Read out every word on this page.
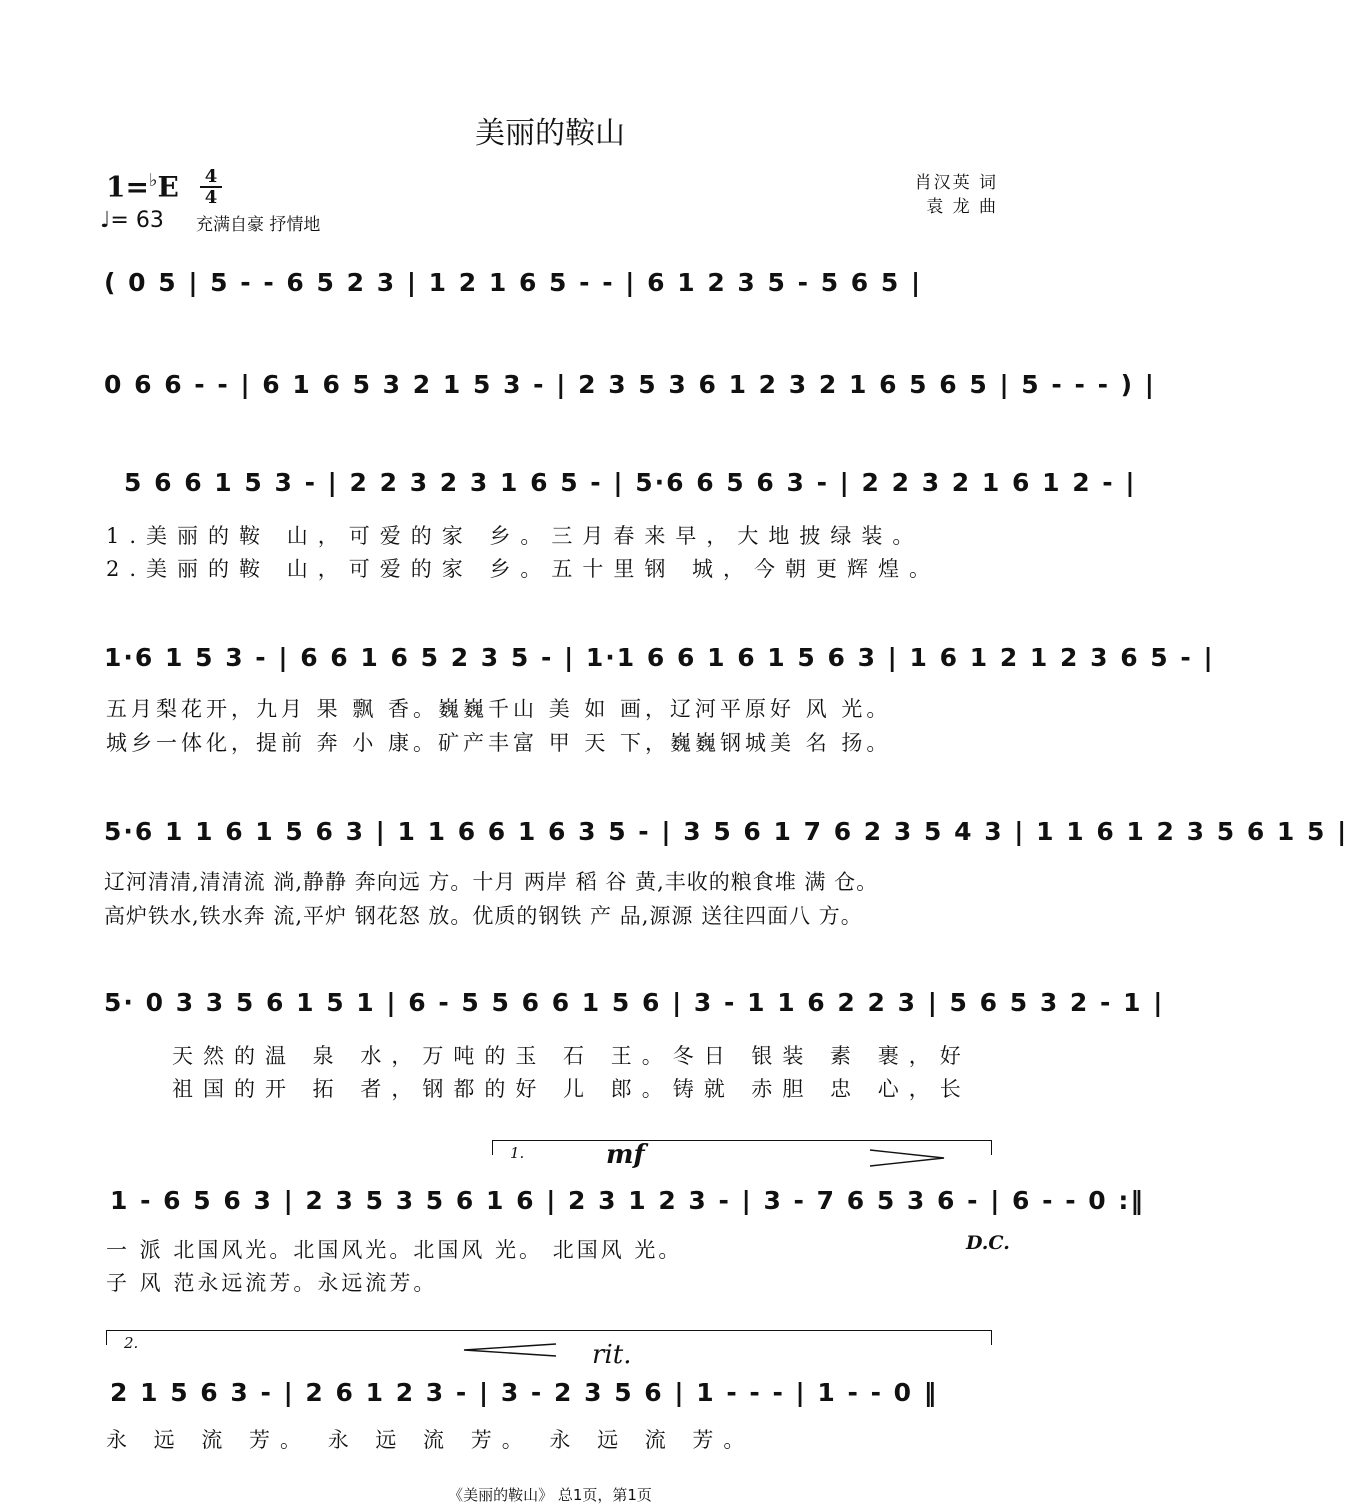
美丽的鞍山
1=♭E 4
4
♩= 63 充满自豪 抒情地
肖汉英 词
袁 龙 曲
( 0 5 | 5 - - 6 5 2 3 | 1 2 1 6 5 - - | 6 1 2 3 5 - 5 6 5 |
0 6 6 - - | 6 1 6 5 3 2 1 5 3 - | 2 3 5 3 6 1 2 3 2 1 6 5 6 5 | 5 - - - ) |
5 6 6 1 5 3 - | 2 2 3 2 3 1 6 5 - | 5·6 6 5 6 3 - | 2 2 3 2 1 6 1 2 - |
1.美丽的鞍 山，可爱的家 乡。三月春来早，大地披绿装。
2.美丽的鞍 山，可爱的家 乡。五十里钢 城，今朝更辉煌。
1·6 1 5 3 - | 6 6 1 6 5 2 3 5 - | 1·1 6 6 1 6 1 5 6 3 | 1 6 1 2 1 2 3 6 5 - |
五月梨花开，九月 果 飘 香。巍巍千山 美 如 画，辽河平原好 风 光。
城乡一体化，提前 奔 小 康。矿产丰富 甲 天 下，巍巍钢城美 名 扬。
5·6 1 1 6 1 5 6 3 | 1 1 6 6 1 6 3 5 - | 3 5 6 1 7 6 2 3 5 4 3 | 1 1 6 1 2 3 5 6 1 5 |
辽河清清,清清流 淌,静静 奔向远 方。十月 两岸 稻 谷 黄,丰收的粮食堆 满 仓。
高炉铁水,铁水奔 流,平炉 钢花怒 放。优质的钢铁 产 品,源源 送往四面八 方。
5· 0 3 3 5 6 1 5 1 | 6 - 5 5 6 6 1 5 6 | 3 - 1 1 6 2 2 3 | 5 6 5 3 2 - 1 |
天然的温 泉 水，万吨的玉 石 王。冬日 银装 素 裹，好
祖国的开 拓 者，钢都的好 儿 郎。铸就 赤胆 忠 心，长
1.	mf
1 - 6 5 6 3 | 2 3 5 3 5 6 1 6 | 2 3 1 2 3 - | 3 - 7 6 5 3 6 - | 6 - - 0 :‖
一 派 北国风光。北国风光。北国风 光。 北国风 光。
子 风 范永远流芳。永远流芳。
D.C.
2.	rit.
2 1 5 6 3 - | 2 6 1 2 3 - | 3 - 2 3 5 6 | 1 - - - | 1 - - 0 ‖
永 远 流 芳。 永 远 流 芳。 永 远 流 芳。
《美丽的鞍山》 总1页，第1页
